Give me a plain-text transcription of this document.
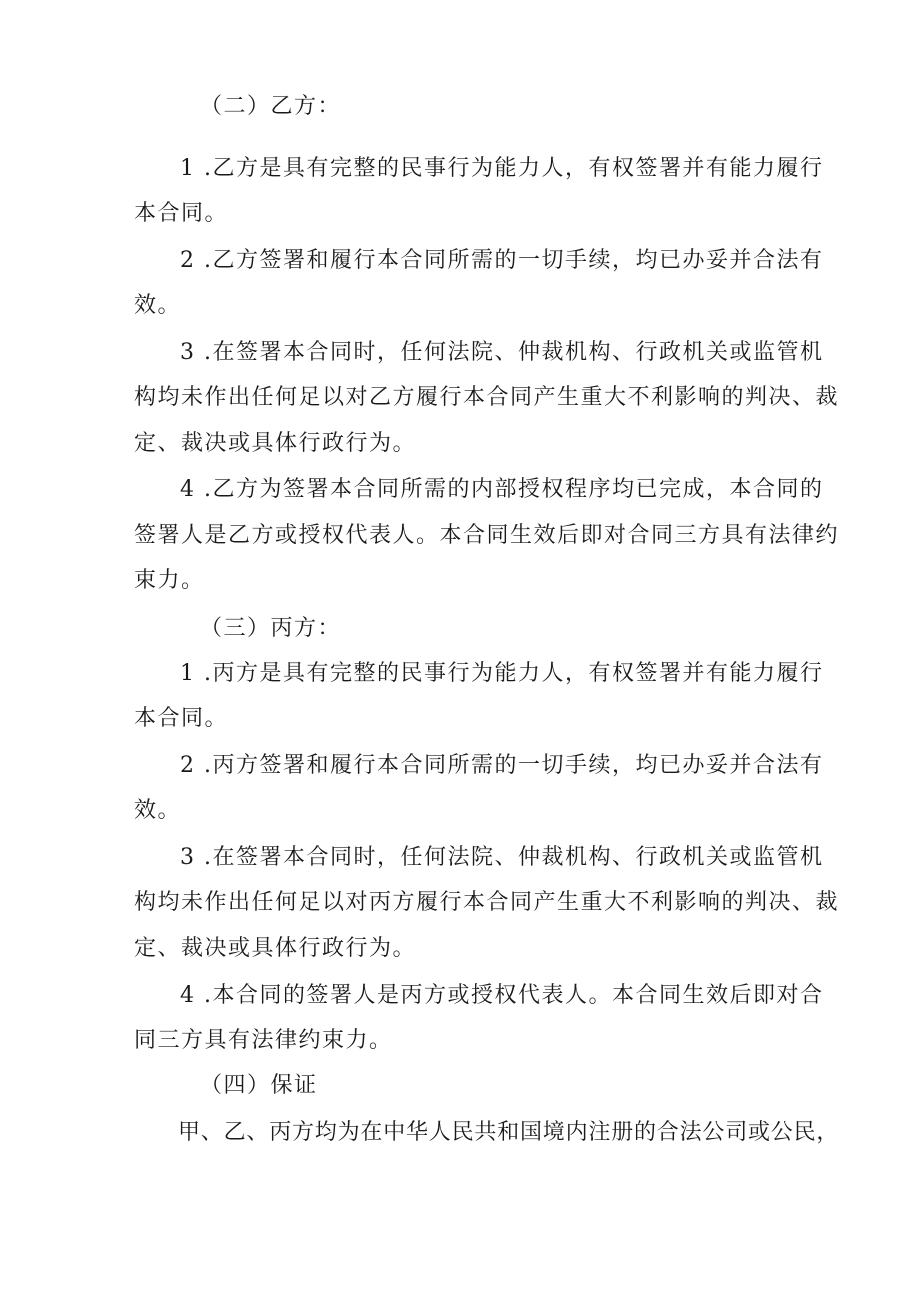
（二）乙方：
1 .乙方是具有完整的民事行为能力人，有权签署并有能力履行
本合同。
2 .乙方签署和履行本合同所需的一切手续，均已办妥并合法有
效。
3 .在签署本合同时，任何法院、仲裁机构、行政机关或监管机
构均未作出任何足以对乙方履行本合同产生重大不利影响的判决、裁
定、裁决或具体行政行为。
4 .乙方为签署本合同所需的内部授权程序均已完成，本合同的
签署人是乙方或授权代表人。本合同生效后即对合同三方具有法律约
束力。
（三）丙方：
1 .丙方是具有完整的民事行为能力人，有权签署并有能力履行
本合同。
2 .丙方签署和履行本合同所需的一切手续，均已办妥并合法有
效。
3 .在签署本合同时，任何法院、仲裁机构、行政机关或监管机
构均未作出任何足以对丙方履行本合同产生重大不利影响的判决、裁
定、裁决或具体行政行为。
4 .本合同的签署人是丙方或授权代表人。本合同生效后即对合
同三方具有法律约束力。
（四）保证
甲、乙、丙方均为在中华人民共和国境内注册的合法公司或公民，
